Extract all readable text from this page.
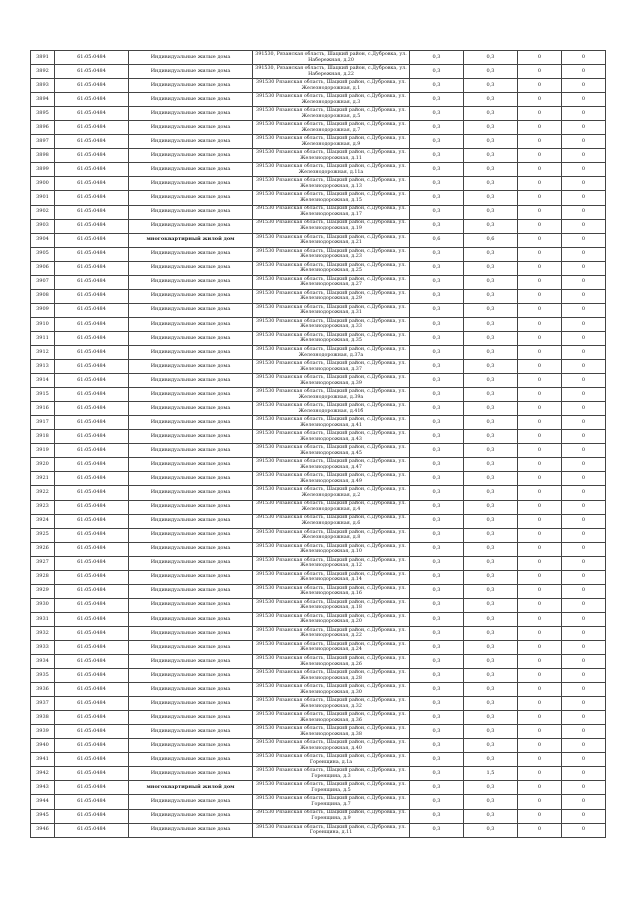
3891	61:05:0484	Индивидуальные жилые дома	391530, Рязанская область, Шацкий район, с.Дубровка, ул. Набережная, д.20	0,3	0,3	0	0
3892	61:05:0484	Индивидуальные жилые дома	391530, Рязанская область, Шацкий район, с.Дубровка, ул. Набережная, д.22	0,3	0,3	0	0
3893	61:05:0484	Индивидуальные жилые дома	391530 Рязанская область, Шацкий район, с.Дубровка, ул. Железнодорожная, д.1	0,3	0,3	0	0
3894	61:05:0484	Индивидуальные жилые дома	391530 Рязанская область, Шацкий район, с.Дубровка, ул. Железнодорожная, д.3	0,3	0,3	0	0
3895	61:05:0484	Индивидуальные жилые дома	391530 Рязанская область, Шацкий район, с.Дубровка, ул. Железнодорожная, д.5	0,3	0,3	0	0
3896	61:05:0484	Индивидуальные жилые дома	391530 Рязанская область, Шацкий район, с.Дубровка, ул. Железнодорожная, д.7	0,3	0,3	0	0
3897	61:05:0484	Индивидуальные жилые дома	391530 Рязанская область, Шацкий район, с.Дубровка, ул. Железнодорожная, д.9	0,3	0,3	0	0
3898	61:05:0484	Индивидуальные жилые дома	391530 Рязанская область, Шацкий район, с.Дубровка, ул. Железнодорожная, д.11	0,3	0,3	0	0
3899	61:05:0484	Индивидуальные жилые дома	391530 Рязанская область, Шацкий район, с.Дубровка, ул. Железнодорожная, д.11а	0,3	0,3	0	0
3900	61:05:0484	Индивидуальные жилые дома	391530 Рязанская область, Шацкий район, с.Дубровка, ул. Железнодорожная, д.13	0,3	0,3	0	0
3901	61:05:0484	Индивидуальные жилые дома	391530 Рязанская область, Шацкий район, с.Дубровка, ул. Железнодорожная, д.15	0,3	0,3	0	0
3902	61:05:0484	Индивидуальные жилые дома	391530 Рязанская область, Шацкий район, с.Дубровка, ул. Железнодорожная, д.17	0,3	0,3	0	0
3903	61:05:0484	Индивидуальные жилые дома	391530 Рязанская область, Шацкий район, с.Дубровка, ул. Железнодорожная, д.19	0,3	0,3	0	0
3904	61:05:0484	многоквартирный жилой дом	391530 Рязанская область, Шацкий район, с.Дубровка, ул. Железнодорожная, д.21	0,6	0,6	0	0
3905	61:05:0484	Индивидуальные жилые дома	391530 Рязанская область, Шацкий район, с.Дубровка, ул. Железнодорожная, д.23	0,3	0,3	0	0
3906	61:05:0484	Индивидуальные жилые дома	391530 Рязанская область, Шацкий район, с.Дубровка, ул. Железнодорожная, д.25	0,3	0,3	0	0
3907	61:05:0484	Индивидуальные жилые дома	391530 Рязанская область, Шацкий район, с.Дубровка, ул. Железнодорожная, д.27	0,3	0,3	0	0
3908	61:05:0484	Индивидуальные жилые дома	391530 Рязанская область, Шацкий район, с.Дубровка, ул. Железнодорожная, д.29	0,3	0,3	0	0
3909	61:05:0484	Индивидуальные жилые дома	391530 Рязанская область, Шацкий район, с.Дубровка, ул. Железнодорожная, д.31	0,3	0,3	0	0
3910	61:05:0484	Индивидуальные жилые дома	391530 Рязанская область, Шацкий район, с.Дубровка, ул. Железнодорожная, д.33	0,3	0,3	0	0
3911	61:05:0484	Индивидуальные жилые дома	391530 Рязанская область, Шацкий район, с.Дубровка, ул. Железнодорожная, д.35	0,3	0,3	0	0
3912	61:05:0484	Индивидуальные жилые дома	391530 Рязанская область, Шацкий район, с.Дубровка, ул. Железнодорожная, д.37а	0,3	0,3	0	0
3913	61:05:0484	Индивидуальные жилые дома	391530 Рязанская область, Шацкий район, с.Дубровка, ул. Железнодорожная, д.37	0,3	0,3	0	0
3914	61:05:0484	Индивидуальные жилые дома	391530 Рязанская область, Шацкий район, с.Дубровка, ул. Железнодорожная, д.39	0,3	0,3	0	0
3915	61:05:0484	Индивидуальные жилые дома	391530 Рязанская область, Шацкий район, с.Дубровка, ул. Железнодорожная, д.39а	0,3	0,3	0	0
3916	61:05:0484	Индивидуальные жилые дома	391530 Рязанская область, Шацкий район, с.Дубровка, ул. Железнодорожная, д.41б	0,3	0,3	0	0
3917	61:05:0484	Индивидуальные жилые дома	391530 Рязанская область, Шацкий район, с.Дубровка, ул. Железнодорожная, д.41	0,3	0,3	0	0
3918	61:05:0484	Индивидуальные жилые дома	391530 Рязанская область, Шацкий район, с.Дубровка, ул. Железнодорожная, д.43	0,3	0,3	0	0
3919	61:05:0484	Индивидуальные жилые дома	391530 Рязанская область, Шацкий район, с.Дубровка, ул. Железнодорожная, д.45	0,3	0,3	0	0
3920	61:05:0484	Индивидуальные жилые дома	391530 Рязанская область, Шацкий район, с.Дубровка, ул. Железнодорожная, д.47	0,3	0,3	0	0
3921	61:05:0484	Индивидуальные жилые дома	391530 Рязанская область, Шацкий район, с.Дубровка, ул. Железнодорожная, д.49	0,3	0,3	0	0
3922	61:05:0484	Индивидуальные жилые дома	391530 Рязанская область, Шацкий район, с.Дубровка, ул. Железнодорожная, д.2	0,3	0,3	0	0
3923	61:05:0484	Индивидуальные жилые дома	391530 Рязанская область, Шацкий район, с.Дубровка, ул. Железнодорожная, д.4	0,3	0,3	0	0
3924	61:05:0484	Индивидуальные жилые дома	391530 Рязанская область, Шацкий район, с.Дубровка, ул. Железнодорожная, д.6	0,3	0,3	0	0
3925	61:05:0484	Индивидуальные жилые дома	391530 Рязанская область, Шацкий район, с.Дубровка, ул. Железнодорожная, д.8	0,3	0,3	0	0
3926	61:05:0484	Индивидуальные жилые дома	391530 Рязанская область, Шацкий район, с.Дубровка, ул. Железнодорожная, д.10	0,3	0,3	0	0
3927	61:05:0484	Индивидуальные жилые дома	391530 Рязанская область, Шацкий район, с.Дубровка, ул. Железнодорожная, д.12	0,3	0,3	0	0
3928	61:05:0484	Индивидуальные жилые дома	391530 Рязанская область, Шацкий район, с.Дубровка, ул. Железнодорожная, д.14	0,3	0,3	0	0
3929	61:05:0484	Индивидуальные жилые дома	391530 Рязанская область, Шацкий район, с.Дубровка, ул. Железнодорожная, д.16	0,3	0,3	0	0
3930	61:05:0484	Индивидуальные жилые дома	391530 Рязанская область, Шацкий район, с.Дубровка, ул. Железнодорожная, д.18	0,3	0,3	0	0
3931	61:05:0484	Индивидуальные жилые дома	391530 Рязанская область, Шацкий район, с.Дубровка, ул. Железнодорожная, д.20	0,3	0,3	0	0
3932	61:05:0484	Индивидуальные жилые дома	391530 Рязанская область, Шацкий район, с.Дубровка, ул. Железнодорожная, д.22	0,3	0,3	0	0
3933	61:05:0484	Индивидуальные жилые дома	391530 Рязанская область, Шацкий район, с.Дубровка, ул. Железнодорожная, д.24	0,3	0,3	0	0
3934	61:05:0484	Индивидуальные жилые дома	391530 Рязанская область, Шацкий район, с.Дубровка, ул. Железнодорожная, д.26	0,3	0,3	0	0
3935	61:05:0484	Индивидуальные жилые дома	391530 Рязанская область, Шацкий район, с.Дубровка, ул. Железнодорожная, д.28	0,3	0,3	0	0
3936	61:05:0484	Индивидуальные жилые дома	391530 Рязанская область, Шацкий район, с.Дубровка, ул. Железнодорожная, д.30	0,3	0,3	0	0
3937	61:05:0484	Индивидуальные жилые дома	391530 Рязанская область, Шацкий район, с.Дубровка, ул. Железнодорожная, д.32	0,3	0,3	0	0
3938	61:05:0484	Индивидуальные жилые дома	391530 Рязанская область, Шацкий район, с.Дубровка, ул. Железнодорожная, д.36	0,3	0,3	0	0
3939	61:05:0484	Индивидуальные жилые дома	391530 Рязанская область, Шацкий район, с.Дубровка, ул. Железнодорожная, д.38	0,3	0,3	0	0
3940	61:05:0484	Индивидуальные жилые дома	391530 Рязанская область, Шацкий район, с.Дубровка, ул. Железнодорожная, д.40	0,3	0,3	0	0
3941	61:05:0484	Индивидуальные жилые дома	391530 Рязанская область, Шацкий район, с.Дубровка, ул. Горенщина, д.1а	0,3	0,3	0	0
3942	61:05:0484	Индивидуальные жилые дома	391530 Рязанская область, Шацкий район, с.Дубровка, ул. Горенщина, д.3	0,3	1,5	0	0
3943	61:05:0484	многоквартирный жилой дом	391530 Рязанская область, Шацкий район, с.Дубровка, ул. Горенщина, д.5	0,3	0,3	0	0
3944	61:05:0484	Индивидуальные жилые дома	391530 Рязанская область, Шацкий район, с.Дубровка, ул. Горенщина, д.7	0,3	0,3	0	0
3945	61:05:0484	Индивидуальные жилые дома	391530 Рязанская область, Шацкий район, с.Дубровка, ул. Горенщина, д.9	0,3	0,3	0	0
3946	61:05:0484	Индивидуальные жилые дома	391530 Рязанская область, Шацкий район, с.Дубровка, ул. Горенщина, д.11	0,3	0,3	0	0
